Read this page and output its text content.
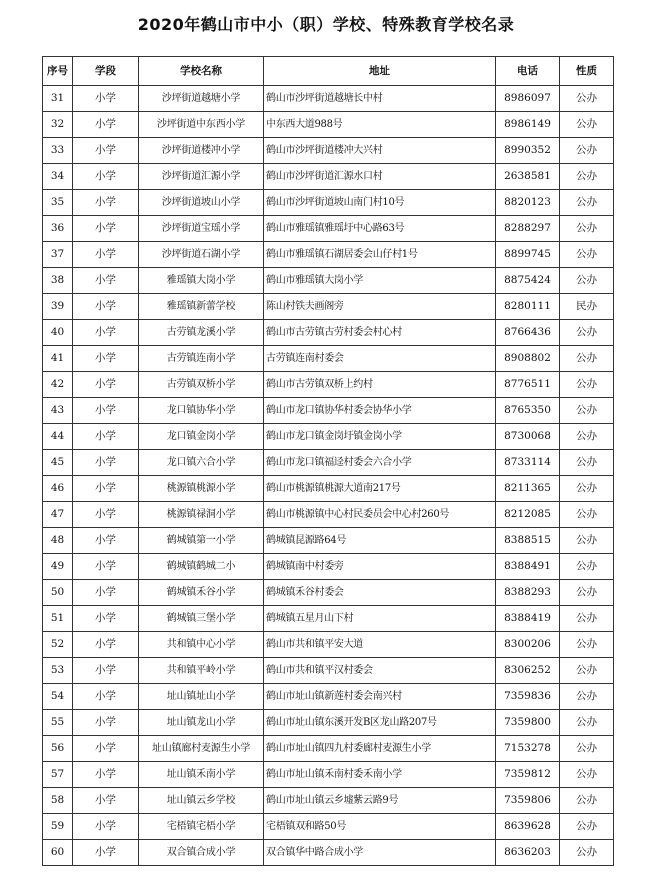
2020年鹤山市中小（职）学校、特殊教育学校名录
序号	学段	学校名称	地址	电话	性质
31	小学	沙坪街道越塘小学	鹤山市沙坪街道越塘长中村	8986097	公办
32	小学	沙坪街道中东西小学	中东西大道988号	8986149	公办
33	小学	沙坪街道楼冲小学	鹤山市沙坪街道楼冲大兴村	8990352	公办
34	小学	沙坪街道汇源小学	鹤山市沙坪街道汇源水口村	2638581	公办
35	小学	沙坪街道坡山小学	鹤山市沙坪街道坡山南门村10号	8820123	公办
36	小学	沙坪街道宝瑶小学	鹤山市雅瑶镇雅瑶圩中心路63号	8288297	公办
37	小学	沙坪街道石湖小学	鹤山市雅瑶镇石湖居委会山仔村1号	8899745	公办
38	小学	雅瑶镇大岗小学	鹤山市雅瑶镇大岗小学	8875424	公办
39	小学	雅瑶镇新蕾学校	陈山村铁夫画阁旁	8280111	民办
40	小学	古劳镇龙溪小学	鹤山市古劳镇古劳村委会村心村	8766436	公办
41	小学	古劳镇连南小学	古劳镇连南村委会	8908802	公办
42	小学	古劳镇双桥小学	鹤山市古劳镇双桥上约村	8776511	公办
43	小学	龙口镇协华小学	鹤山市龙口镇协华村委会协华小学	8765350	公办
44	小学	龙口镇金岗小学	鹤山市龙口镇金岗圩镇金岗小学	8730068	公办
45	小学	龙口镇六合小学	鹤山市龙口镇福迳村委会六合小学	8733114	公办
46	小学	桃源镇桃源小学	鹤山市桃源镇桃源大道南217号	8211365	公办
47	小学	桃源镇禄洞小学	鹤山市桃源镇中心村民委员会中心村260号	8212085	公办
48	小学	鹤城镇第一小学	鹤城镇昆源路64号	8388515	公办
49	小学	鹤城镇鹤城二小	鹤城镇南中村委旁	8388491	公办
50	小学	鹤城镇禾谷小学	鹤城镇禾谷村委会	8388293	公办
51	小学	鹤城镇三堡小学	鹤城镇五星月山下村	8388419	公办
52	小学	共和镇中心小学	鹤山市共和镇平安大道	8300206	公办
53	小学	共和镇平岭小学	鹤山市共和镇平汉村委会	8306252	公办
54	小学	址山镇址山小学	鹤山市址山镇新莲村委会南兴村	7359836	公办
55	小学	址山镇龙山小学	鹤山市址山镇东溪开发B区龙山路207号	7359800	公办
56	小学	址山镇廊村麦源生小学	鹤山市址山镇四九村委廊村麦源生小学	7153278	公办
57	小学	址山镇禾南小学	鹤山市址山镇禾南村委禾南小学	7359812	公办
58	小学	址山镇云乡学校	鹤山市址山镇云乡墟紫云路9号	7359806	公办
59	小学	宅梧镇宅梧小学	宅梧镇双和路50号	8639628	公办
60	小学	双合镇合成小学	双合镇华中路合成小学	8636203	公办
